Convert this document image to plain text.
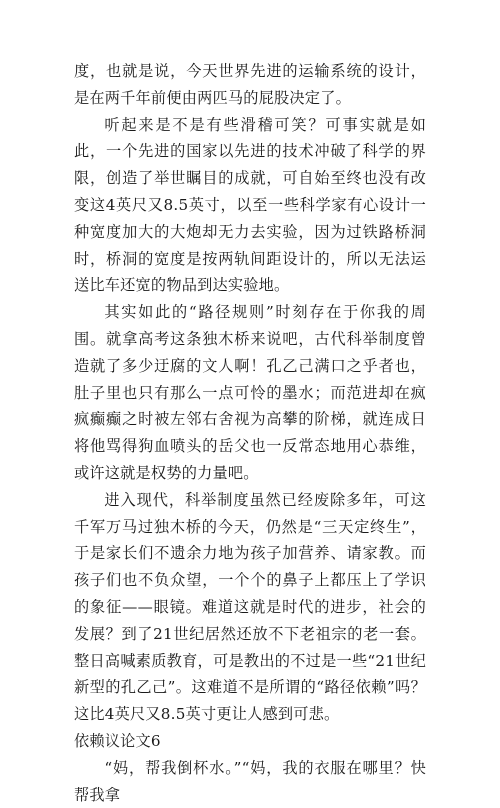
度，也就是说，今天世界先进的运输系统的设计，是在两千年前便由两匹马的屁股决定了。

听起来是不是有些滑稽可笑？可事实就是如此，一个先进的国家以先进的技术冲破了科学的界限，创造了举世瞩目的成就，可自始至终也没有改变这4英尺又8.5英寸，以至一些科学家有心设计一种宽度加大的大炮却无力去实验，因为过铁路桥洞时，桥洞的宽度是按两轨间距设计的，所以无法运送比车还宽的物品到达实验地。

其实如此的“路径规则”时刻存在于你我的周围。就拿高考这条独木桥来说吧，古代科举制度曾造就了多少迂腐的文人啊！孔乙己满口之乎者也，肚子里也只有那么一点可怜的墨水；而范进却在疯疯癫癫之时被左邻右舍视为高攀的阶梯，就连成日将他骂得狗血喷头的岳父也一反常态地用心恭维，或许这就是权势的力量吧。

进入现代，科举制度虽然已经废除多年，可这千军万马过独木桥的今天，仍然是“三天定终生”，于是家长们不遗余力地为孩子加营养、请家教。而孩子们也不负众望，一个个的鼻子上都压上了学识的象征——眼镜。难道这就是时代的进步，社会的发展？到了21世纪居然还放不下老祖宗的老一套。整日高喊素质教育，可是教出的不过是一些“21世纪新型的孔乙己”。这难道不是所谓的“路径依赖”吗？这比4英尺又8.5英寸更让人感到可悲。

依赖议论文6

“妈，帮我倒杯水。”“妈，我的衣服在哪里？快帮我拿
